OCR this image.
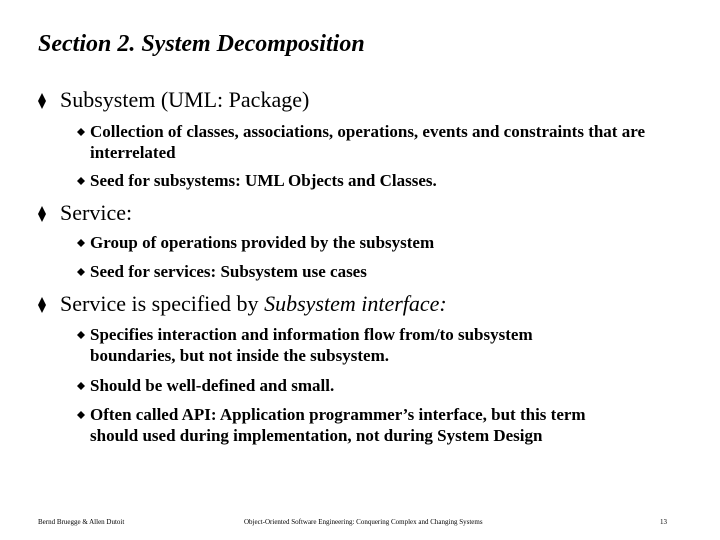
Section 2. System Decomposition
Subsystem (UML: Package)
Collection of classes, associations, operations, events and constraints that are interrelated
Seed for subsystems: UML Objects and Classes.
Service:
Group of operations provided by the subsystem
Seed for services: Subsystem use cases
Service is specified by Subsystem interface:
Specifies interaction and information flow from/to subsystem boundaries, but not inside the subsystem.
Should be well-defined and small.
Often called API: Application programmer’s interface, but this term should used during implementation, not during System Design
Bernd Bruegge & Allen Dutoit	Object-Oriented Software Engineering: Conquering Complex and Changing Systems	13
